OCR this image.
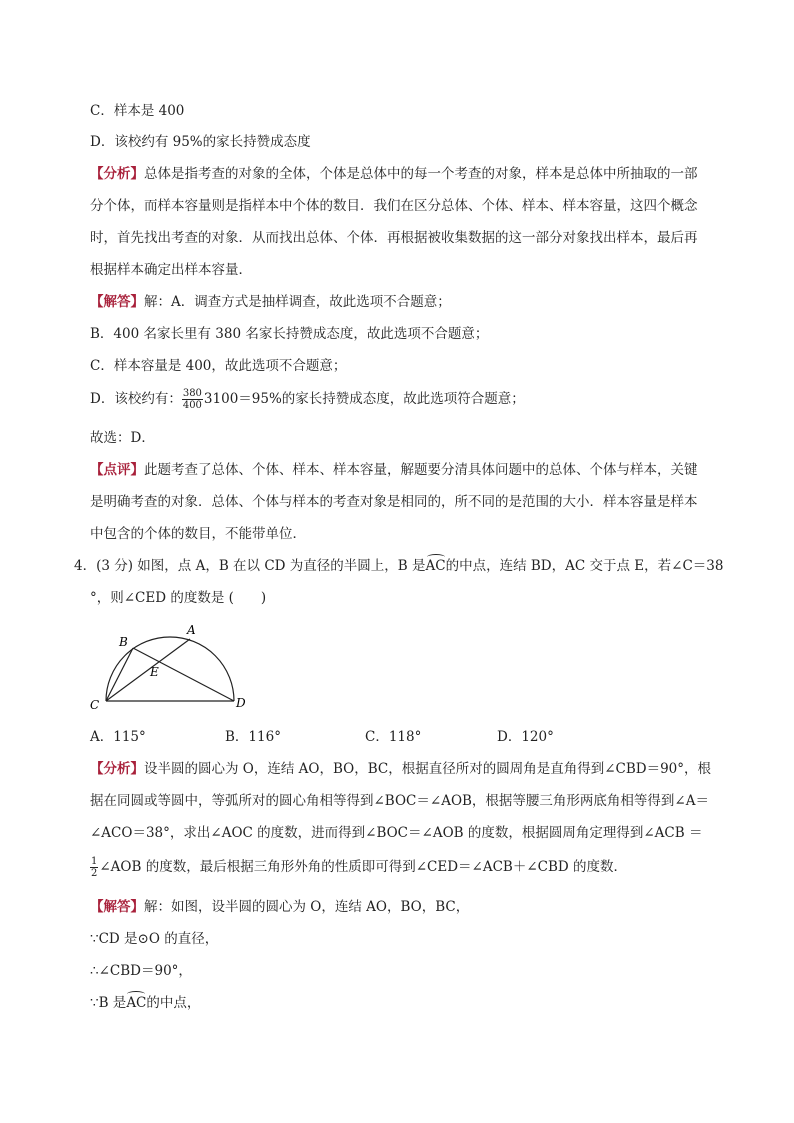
C．样本是 400
D．该校约有 95%的家长持赞成态度
【分析】总体是指考查的对象的全体，个体是总体中的每一个考查的对象，样本是总体中所抽取的一部
分个体，而样本容量则是指样本中个体的数目．我们在区分总体、个体、样本、样本容量，这四个概念
时，首先找出考查的对象．从而找出总体、个体．再根据被收集数据的这一部分对象找出样本，最后再
根据样本确定出样本容量．
【解答】解：A．调查方式是抽样调查，故此选项不合题意；
B．400 名家长里有 380 名家长持赞成态度，故此选项不合题意；
C．样本容量是 400，故此选项不合题意；
D．该校约有： $\frac{380}{400} 3100=95\%$的家长持赞成态度，故此选项符合题意；
故选：D．
【点评】此题考查了总体、个体、样本、样本容量，解题要分清具体问题中的总体、个体与样本，关键
是明确考查的对象．总体、个体与样本的考查对象是相同的，所不同的是范围的大小．样本容量是样本
中包含的个体的数目，不能带单位．
4．(3 分) 如图，点 A，B 在以 CD 为直径的半圆上，B 是AC的中点，连结 BD，AC 交于点 E，若∠C＝38
°，则∠CED 的度数是 (　　)
B
A
E
C	D
A．115°	B．116°	C．118°	D．120°
【分析】设半圆的圆心为 O，连结 AO，BO，BC，根据直径所对的圆周角是直角得到∠CBD＝90°，根
据在同圆或等圆中，等弧所对的圆心角相等得到∠BOC＝∠AOB，根据等腰三角形两底角相等得到∠A＝
∠ACO＝38°，求出∠AOC 的度数，进而得到∠BOC＝∠AOB 的度数，根据圆周角定理得到∠ACB ＝
$\frac{1}{2}$ ∠AOB 的度数，最后根据三角形外角的性质即可得到∠CED＝∠ACB＋∠CBD 的度数．
【解答】解：如图，设半圆的圆心为 O，连结 AO，BO，BC，
∵CD 是⊙O 的直径，
∴∠CBD＝90°，
∵B 是AC的中点，
